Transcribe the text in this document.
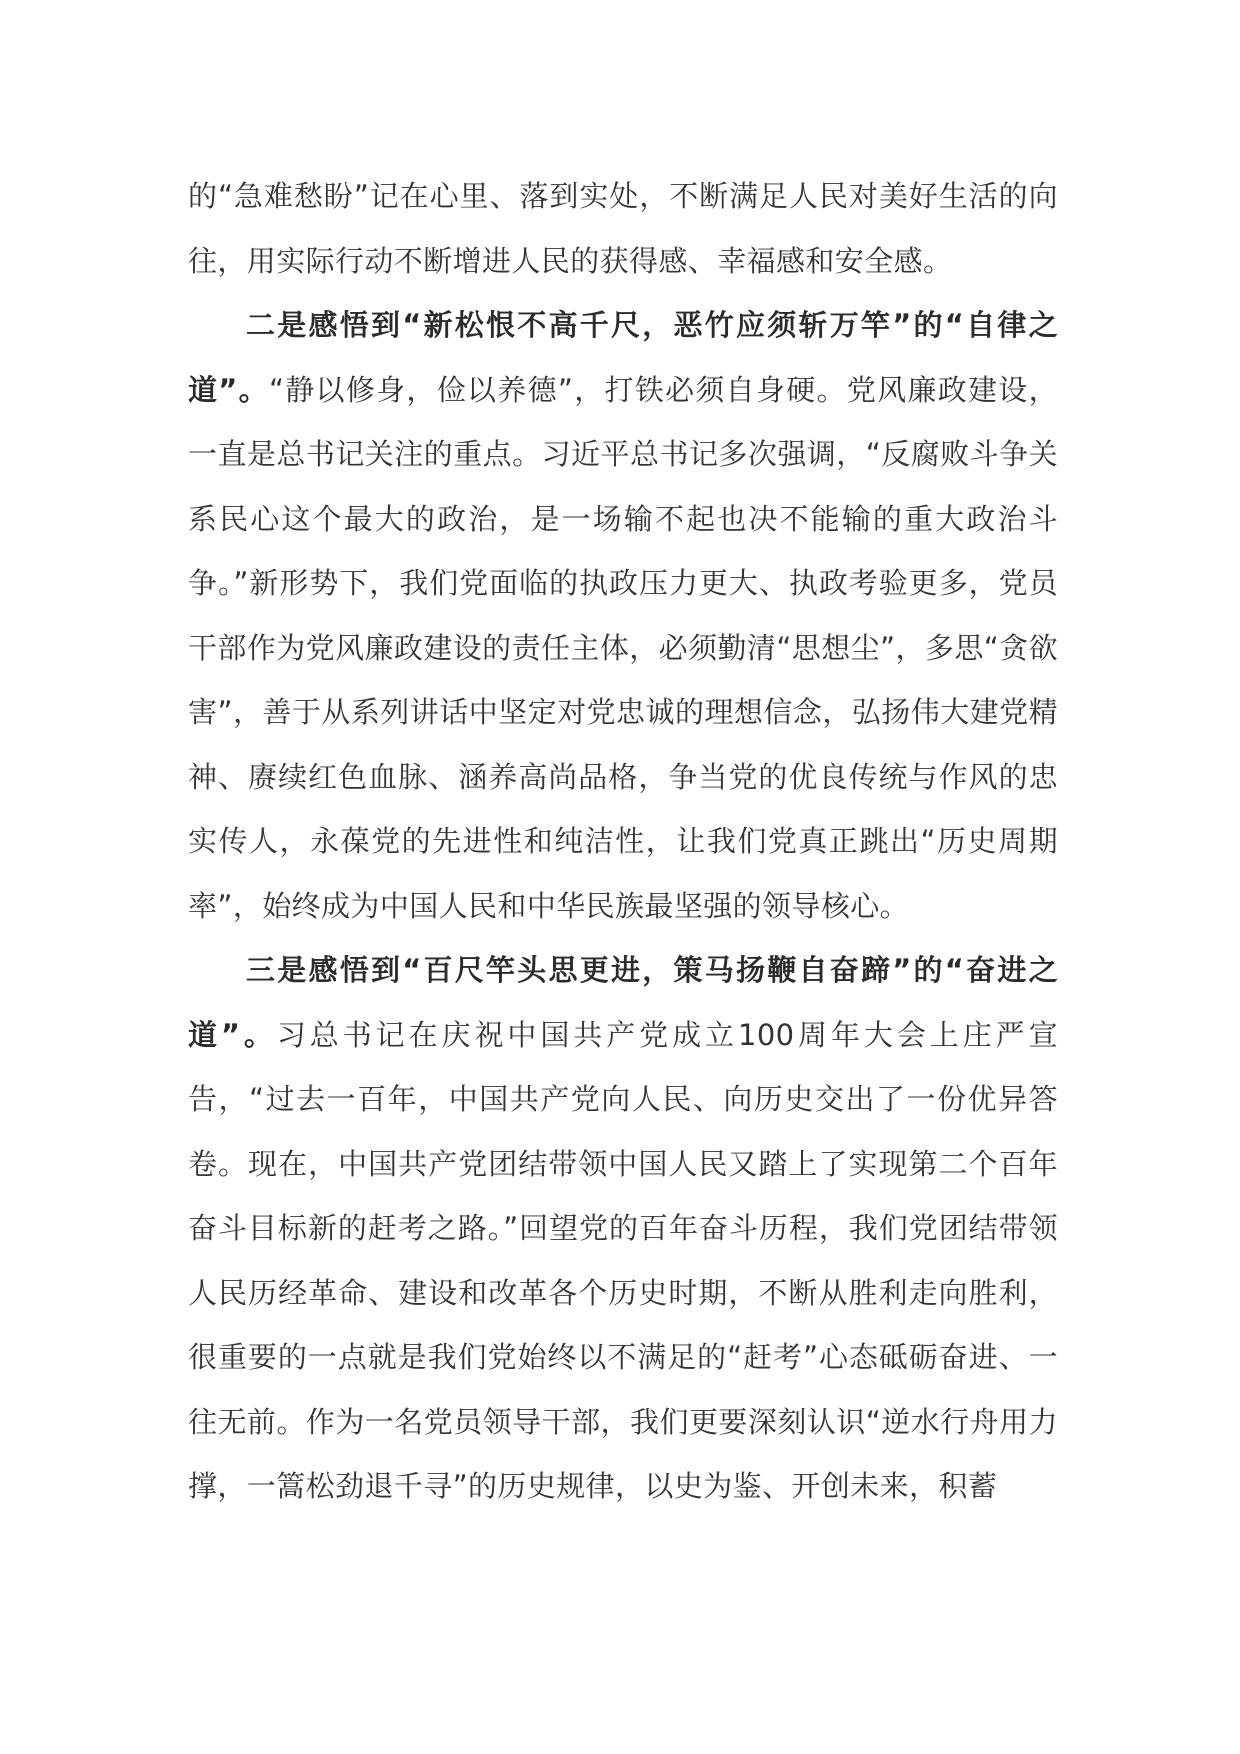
的“急难愁盼”记在心里、落到实处，不断满足人民对美好生活的向往，用实际行动不断增进人民的获得感、幸福感和安全感。

二是感悟到“新松恨不高千尺，恶竹应须斩万竿”的“自律之道”。“静以修身，俭以养德”，打铁必须自身硬。党风廉政建设，一直是总书记关注的重点。习近平总书记多次强调，“反腐败斗争关系民心这个最大的政治，是一场输不起也决不能输的重大政治斗争。”新形势下，我们党面临的执政压力更大、执政考验更多，党员干部作为党风廉政建设的责任主体，必须勤清“思想尘”，多思“贪欲害”，善于从系列讲话中坚定对党忠诚的理想信念，弘扬伟大建党精神、赓续红色血脉、涵养高尚品格，争当党的优良传统与作风的忠实传人，永葆党的先进性和纯洁性，让我们党真正跳出“历史周期率”，始终成为中国人民和中华民族最坚强的领导核心。

三是感悟到“百尺竿头思更进，策马扬鞭自奋蹄”的“奋进之道”。习总书记在庆祝中国共产党成立100周年大会上庄严宣告，“过去一百年，中国共产党向人民、向历史交出了一份优异答卷。现在，中国共产党团结带领中国人民又踏上了实现第二个百年奋斗目标新的赶考之路。”回望党的百年奋斗历程，我们党团结带领人民历经革命、建设和改革各个历史时期，不断从胜利走向胜利，很重要的一点就是我们党始终以不满足的“赶考”心态砥砺奋进、一往无前。作为一名党员领导干部，我们更要深刻认识“逆水行舟用力撑，一篙松劲退千寻”的历史规律，以史为鉴、开创未来，积蓄
